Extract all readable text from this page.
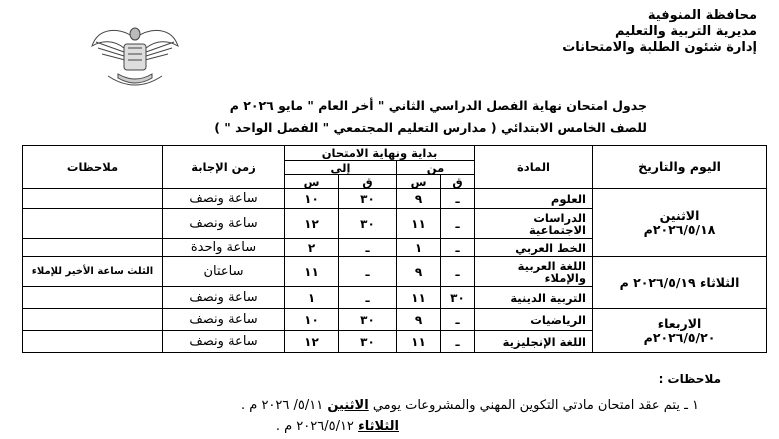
محافظة المنوفية
مديرية التربية والتعليم
إدارة شئون الطلبة والامتحانات
جدول امتحان نهاية الفصل الدراسي الثاني " أخر العام " مايو ٢٠٢٦ م
للصف الخامس الابتدائي ( مدارس التعليم المجتمعي " الفصل الواحد " )
اليوم والتاريخ	المادة	بداية ونهاية الامتحان				زمن الإجابة	ملاحظات
		من		إلى			
		ق	س	ق	س		

الاثنين
٢٠٢٦/٥/١٨م	العلوم	ـ	٩	٣٠	١٠	ساعة ونصف	
	الدراسات الاجتماعية	ـ	١١	٣٠	١٢	ساعة ونصف	
	الخط العربي	ـ	١	ـ	٢	ساعة واحدة	

الثلاثاء ٢٠٢٦/٥/١٩ م	اللغة العربية والإملاء	ـ	٩	ـ	١١	ساعتان	الثلث ساعة الأخير للإملاء
	التربية الدينية	٣٠	١١	ـ	١	ساعة ونصف	

الاربعاء
٢٠٢٦/٥/٢٠م	الرياضيات	ـ	٩	٣٠	١٠	ساعة ونصف	
	اللغة الإنجليزية	ـ	١١	٣٠	١٢	ساعة ونصف	
ملاحظات :
١ ـ يتم عقد امتحان مادتي التكوين المهني والمشروعات يومي الاثنين ٥/١١/ ٢٠٢٦ م .
الثلاثاء ٢٠٢٦/٥/١٢ م .
